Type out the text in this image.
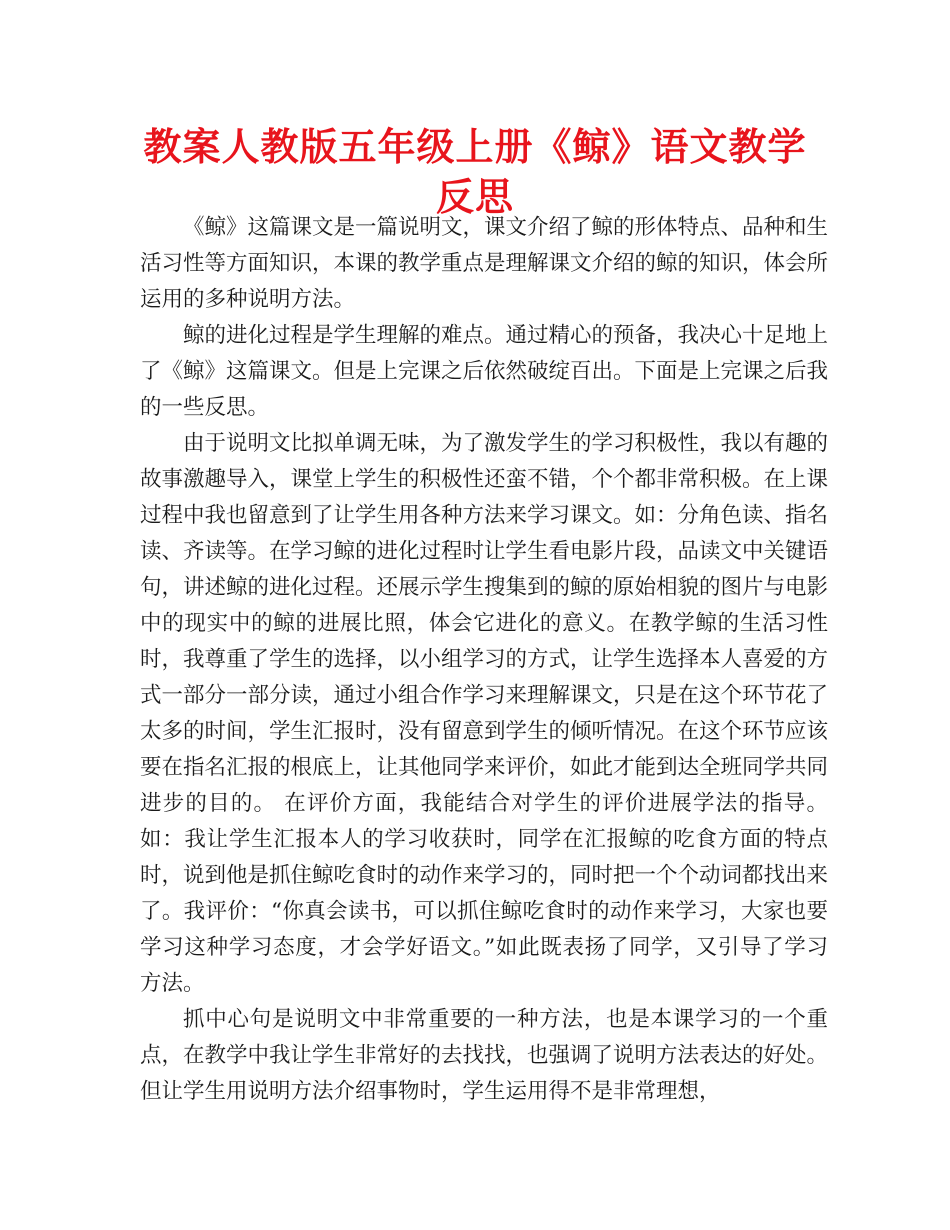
教案人教版五年级上册《鲸》语文教学反思

《鲸》这篇课文是一篇说明文，课文介绍了鲸的形体特点、品种和生活习性等方面知识，本课的教学重点是理解课文介绍的鲸的知识，体会所运用的多种说明方法。

鲸的进化过程是学生理解的难点。通过精心的预备，我决心十足地上了《鲸》这篇课文。但是上完课之后依然破绽百出。下面是上完课之后我的一些反思。

由于说明文比拟单调无味，为了激发学生的学习积极性，我以有趣的故事激趣导入，课堂上学生的积极性还蛮不错，个个都非常积极。在上课过程中我也留意到了让学生用各种方法来学习课文。如：分角色读、指名读、齐读等。在学习鲸的进化过程时让学生看电影片段，品读文中关键语句，讲述鲸的进化过程。还展示学生搜集到的鲸的原始相貌的图片与电影中的现实中的鲸的进展比照，体会它进化的意义。在教学鲸的生活习性时，我尊重了学生的选择，以小组学习的方式，让学生选择本人喜爱的方式一部分一部分读，通过小组合作学习来理解课文，只是在这个环节花了太多的时间，学生汇报时，没有留意到学生的倾听情况。在这个环节应该要在指名汇报的根底上，让其他同学来评价，如此才能到达全班同学共同进步的目的。 在评价方面，我能结合对学生的评价进展学法的指导。如：我让学生汇报本人的学习收获时，同学在汇报鲸的吃食方面的特点时，说到他是抓住鲸吃食时的动作来学习的，同时把一个个动词都找出来了。我评价：“你真会读书，可以抓住鲸吃食时的动作来学习，大家也要学习这种学习态度，才会学好语文。”如此既表扬了同学，又引导了学习方法。

抓中心句是说明文中非常重要的一种方法，也是本课学习的一个重点，在教学中我让学生非常好的去找找，也强调了说明方法表达的好处。但让学生用说明方法介绍事物时，学生运用得不是非常理想，
